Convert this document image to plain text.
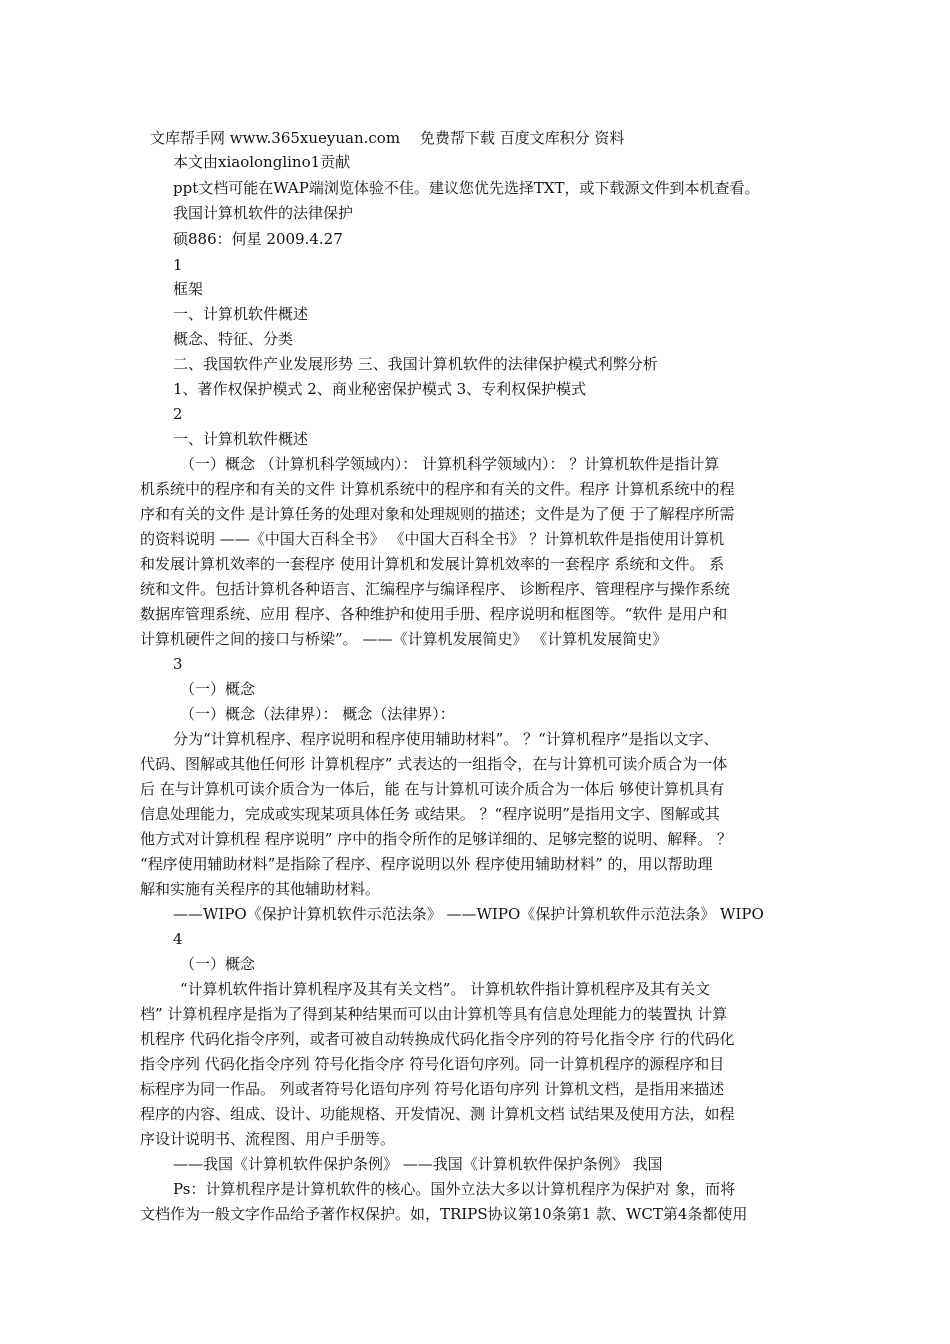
文库帮手网 www.365xueyuan.com　 免费帮下载 百度文库积分 资料
本文由xiaolonglino1贡献
ppt文档可能在WAP端浏览体验不佳。建议您优先选择TXT，或下载源文件到本机查看。
我国计算机软件的法律保护
硕886：何星 2009.4.27
1
框架
一、计算机软件概述
概念、特征、分类
二、我国软件产业发展形势 三、我国计算机软件的法律保护模式利弊分析
1、著作权保护模式 2、商业秘密保护模式 3、专利权保护模式
2
一、计算机软件概述
（一）概念 （计算机科学领域内）： 计算机科学领域内）： ？计算机软件是指计算
机系统中的程序和有关的文件 计算机系统中的程序和有关的文件。程序 计算机系统中的程
序和有关的文件 是计算任务的处理对象和处理规则的描述；文件是为了便 于了解程序所需
的资料说明 ——《中国大百科全书》 《中国大百科全书》 ？计算机软件是指使用计算机
和发展计算机效率的一套程序 使用计算机和发展计算机效率的一套程序 系统和文件。 系
统和文件。包括计算机各种语言、汇编程序与编译程序、 诊断程序、管理程序与操作系统
数据库管理系统、应用 程序、各种维护和使用手册、程序说明和框图等。“软件 是用户和
计算机硬件之间的接口与桥梁”。 ——《计算机发展简史》 《计算机发展简史》
3
（一）概念
（一）概念（法律界）： 概念（法律界）：
分为“计算机程序、程序说明和程序使用辅助材料”。 ？“计算机程序”是指以文字、
代码、图解或其他任何形 计算机程序” 式表达的一组指令，在与计算机可读介质合为一体
后 在与计算机可读介质合为一体后，能 在与计算机可读介质合为一体后 够使计算机具有
信息处理能力，完成或实现某项具体任务 或结果。 ？“程序说明”是指用文字、图解或其
他方式对计算机程 程序说明” 序中的指令所作的足够详细的、足够完整的说明、解释。 ？
“程序使用辅助材料”是指除了程序、程序说明以外 程序使用辅助材料” 的，用以帮助理
解和实施有关程序的其他辅助材料。
——WIPO《保护计算机软件示范法条》 ——WIPO《保护计算机软件示范法条》 WIPO
4
（一）概念
“计算机软件指计算机程序及其有关文档”。 计算机软件指计算机程序及其有关文
档” 计算机程序是指为了得到某种结果而可以由计算机等具有信息处理能力的装置执 计算
机程序 代码化指令序列，或者可被自动转换成代码化指令序列的符号化指令序 行的代码化
指令序列 代码化指令序列 符号化指令序 符号化语句序列。同一计算机程序的源程序和目
标程序为同一作品。 列或者符号化语句序列 符号化语句序列 计算机文档，是指用来描述
程序的内容、组成、设计、功能规格、开发情况、测 计算机文档 试结果及使用方法，如程
序设计说明书、流程图、用户手册等。
——我国《计算机软件保护条例》 ——我国《计算机软件保护条例》 我国
Ps：计算机程序是计算机软件的核心。国外立法大多以计算机程序为保护对 象，而将
文档作为一般文字作品给予著作权保护。如，TRIPS协议第10条第1 款、WCT第4条都使用
